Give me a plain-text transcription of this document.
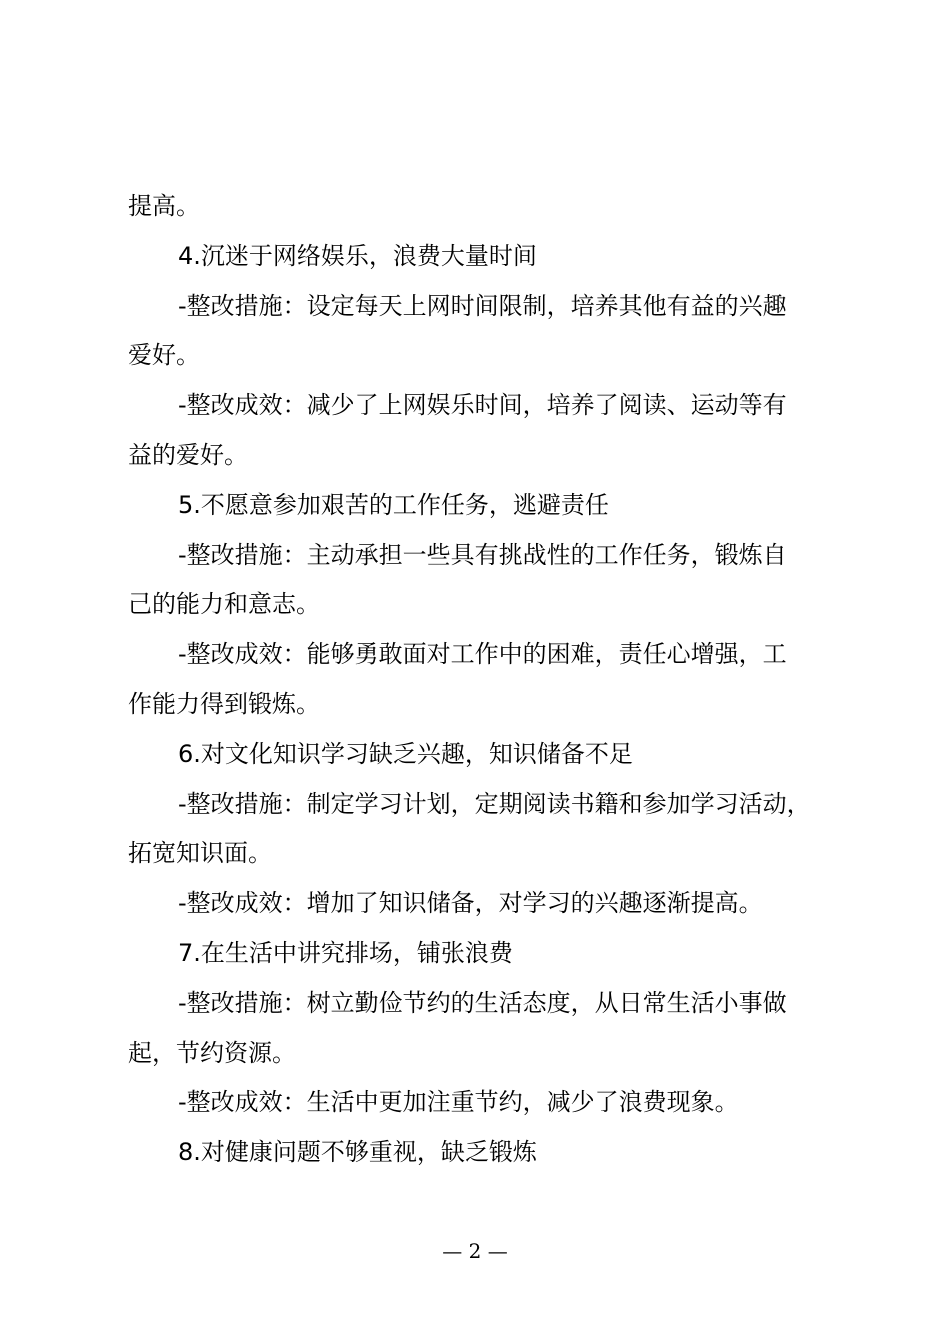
提高。

4.沉迷于网络娱乐，浪费大量时间

-整改措施：设定每天上网时间限制，培养其他有益的兴趣

爱好。

-整改成效：减少了上网娱乐时间，培养了阅读、运动等有

益的爱好。

5.不愿意参加艰苦的工作任务，逃避责任

-整改措施：主动承担一些具有挑战性的工作任务，锻炼自

己的能力和意志。

-整改成效：能够勇敢面对工作中的困难，责任心增强，工

作能力得到锻炼。

6.对文化知识学习缺乏兴趣，知识储备不足

-整改措施：制定学习计划，定期阅读书籍和参加学习活动，

拓宽知识面。

-整改成效：增加了知识储备，对学习的兴趣逐渐提高。

7.在生活中讲究排场，铺张浪费

-整改措施：树立勤俭节约的生活态度，从日常生活小事做

起，节约资源。

-整改成效：生活中更加注重节约，减少了浪费现象。

8.对健康问题不够重视，缺乏锻炼

— 2 —
